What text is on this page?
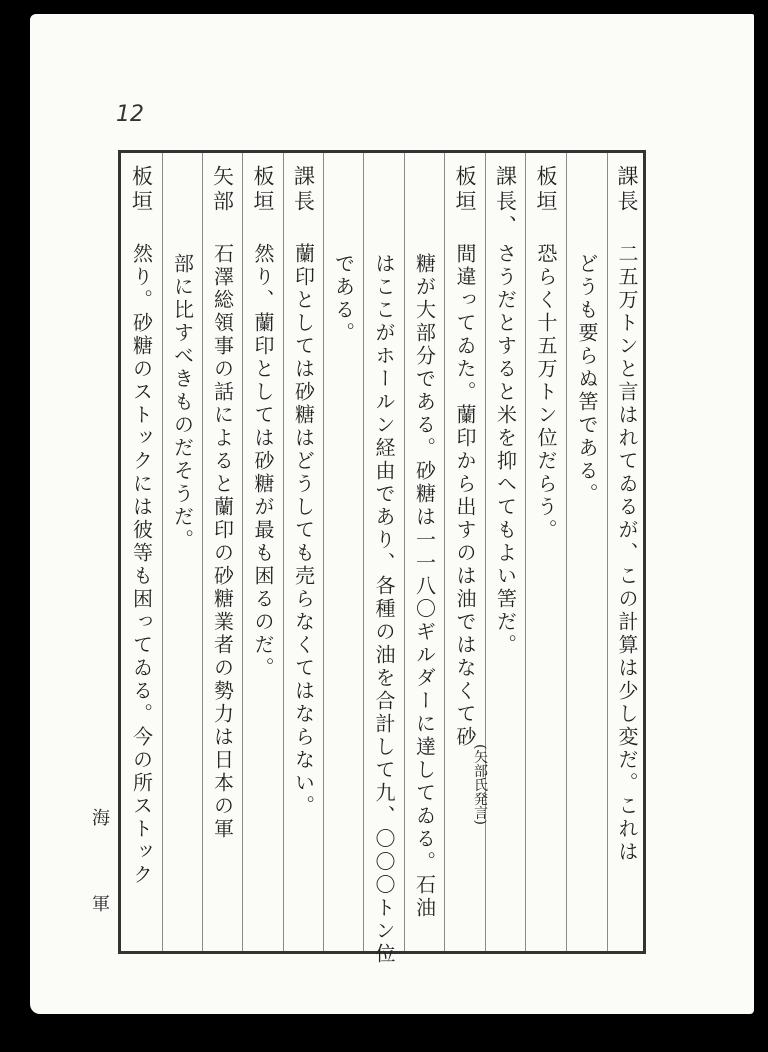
12
海
軍
課長
二五万トンと言はれてゐるが、この計算は少し変だ。これは
どうも要らぬ筈である。
板垣
恐らく十五万トン位だらう。
課長、
さうだとすると米を抑へてもよい筈だ。
板垣
間違ってゐた。蘭印から出すのは油ではなくて砂
糖が大部分である。砂糖は一一八〇ギルダーに達してゐる。石油
はここがホールン経由であり、各種の油を合計して九、〇〇〇トン位
である。
課長
蘭印としては砂糖はどうしても売らなくてはならない。
板垣
然り、蘭印としては砂糖が最も困るのだ。
矢部
石澤総領事の話によると蘭印の砂糖業者の勢力は日本の軍
部に比すべきものだそうだ。
板垣
然り。砂糖のストックには彼等も困ってゐる。今の所ストック	(矢部氏発言)
